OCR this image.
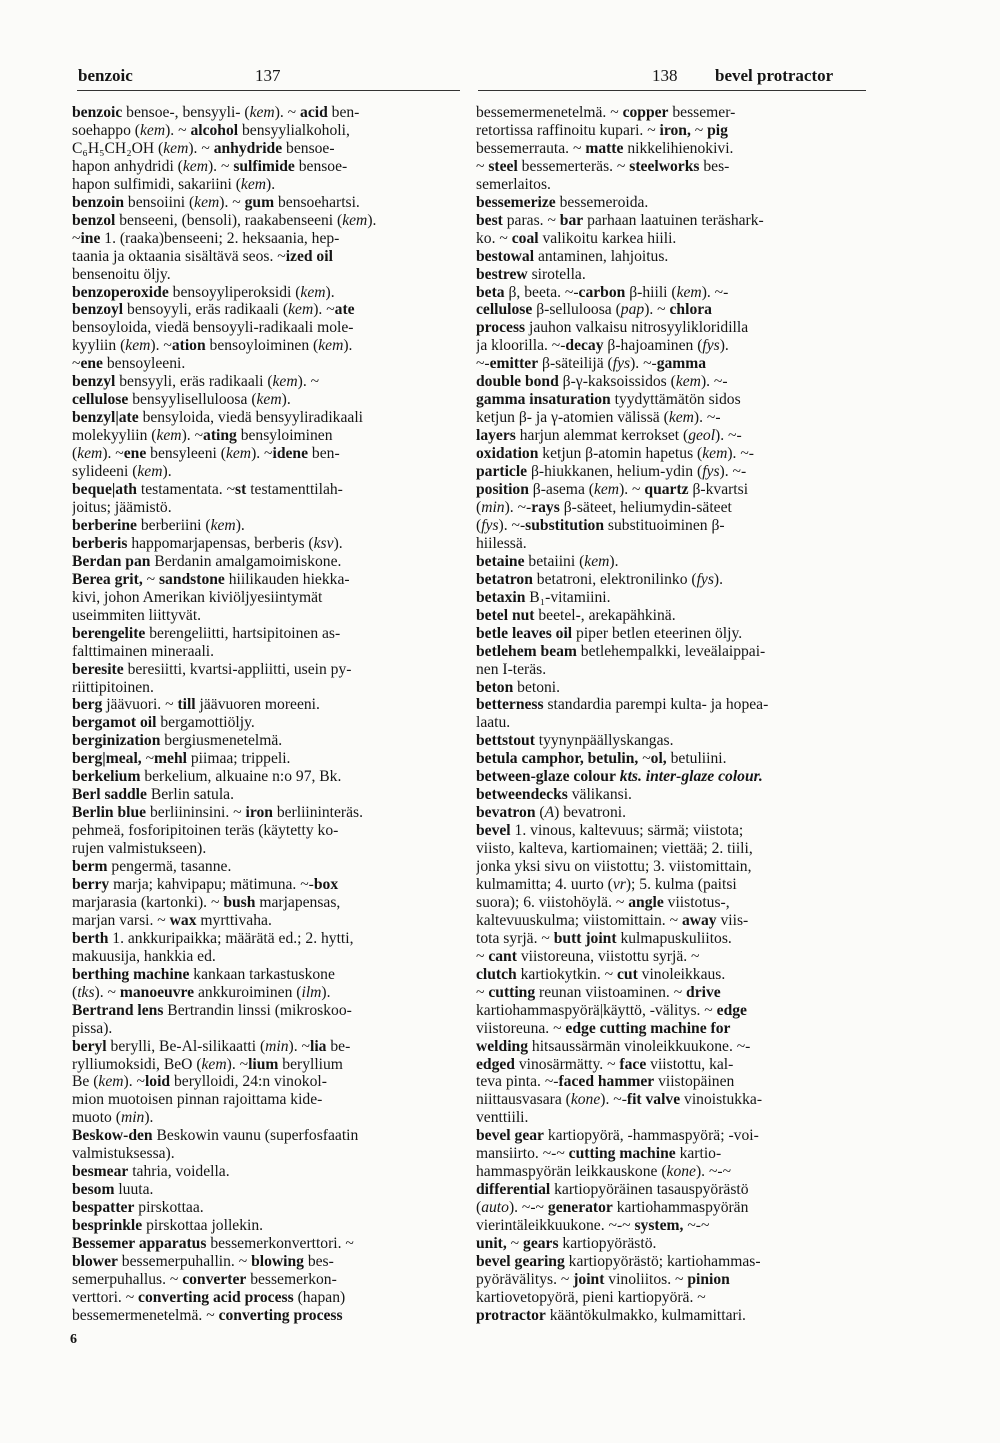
benzoic	137	138 bevel protractor
benzoic bensoe-, bensyyli- (kem). ~ acid ben-
soehappo (kem). ~ alcohol bensyylialkoholi,
C₆H₅CH₂OH (kem). ~ anhydride bensoe-
hapon anhydridi (kem). ~ sulfimide bensoe-
hapon sulfimidi, sakariini (kem).
benzoin bensoiini (kem). ~ gum bensoehartsi.
benzol benseeni, (bensoli), raakabenseeni (kem).
~ine 1. (raaka)benseeni; 2. heksaania, hep-
taania ja oktaania sisältävä seos. ~ized oil
bensenoitu öljy.
benzoperoxide bensoyyliperoksidi (kem).
benzoyl bensoyyli, eräs radikaali (kem). ~ate
bensoyloida, viedä bensoyyli-radikaali mole-
kyyliin (kem). ~ation bensoyloiminen (kem).
~ene bensoyleeni.
benzyl bensyyli, eräs radikaali (kem). ~
cellulose bensyyliselluloosa (kem).
benzyl|ate bensyloida, viedä bensyyliradikaali
molekyyliin (kem). ~ating bensyloiminen
(kem). ~ene bensyleeni (kem). ~idene ben-
sylideeni (kem).
beque|ath testamentata. ~st testamenttilah-
joitus; jäämistö.
berberine berberiini (kem).
berberis happomarjapensas, berberis (ksv).
Berdan pan Berdanin amalgamoimiskone.
Berea grit, ~ sandstone hiilikauden hiekka-
kivi, johon Amerikan kiviöljyesiintymät
useimmiten liittyvät.
berengelite berengeliitti, hartsipitoinen as-
falttimainen mineraali.
beresite beresiitti, kvartsi-appliitti, usein py-
riittipitoinen.
berg jäävuori. ~ till jäävuoren moreeni.
bergamot oil bergamottiöljy.
berginization bergiusmenetelmä.
berg|meal, ~mehl piimaa; trippeli.
berkelium berkelium, alkuaine n:o 97, Bk.
Berl saddle Berlin satula.
Berlin blue berliininsini. ~ iron berliininteräs.
pehmeä, fosforipitoinen teräs (käytetty ko-
rujen valmistukseen).
berm pengermä, tasanne.
berry marja; kahvipapu; mätimuna. ~-box
marjarasia (kartonki). ~ bush marjapensas,
marjan varsi. ~ wax myrttivaha.
berth 1. ankkuripaikka; määrätä ed.; 2. hytti,
makuusija, hankkia ed.
berthing machine kankaan tarkastuskone
(tks). ~ manoeuvre ankkuroiminen (ilm).
Bertrand lens Bertrandin linssi (mikroskoo-
pissa).
beryl berylli, Be-Al-silikaatti (min). ~lia be-
rylliumoksidi, BeO (kem). ~lium beryllium
Be (kem). ~loid berylloidi, 24:n vinokol-
mion muotoisen pinnan rajoittama kide-
muoto (min).
Beskow-den Beskowin vaunu (superfosfaatin
valmistuksessa).
besmear tahria, voidella.
besom luuta.
bespatter pirskottaa.
besprinkle pirskottaa jollekin.
Bessemer apparatus bessemerkonverttori. ~
blower bessemerpuhallin. ~ blowing bes-
semerpuhallus. ~ converter bessemerkon-
verttori. ~ converting acid process (hapan)
bessemermenetelmä. ~ converting process
bessemermenetelmä. ~ copper bessemer-
retortissa raffinoitu kupari. ~ iron, ~ pig
bessemerrauta. ~ matte nikkelihienokivi.
~ steel bessemerteräs. ~ steelworks bes-
semerlaitos.
bessemerize bessemeroida.
best paras. ~ bar parhaan laatuinen teräshark-
ko. ~ coal valikoitu karkea hiili.
bestowal antaminen, lahjoitus.
bestrew sirotella.
beta β, beeta. ~-carbon β-hiili (kem). ~-
cellulose β-selluloosa (pap). ~ chlora
process jauhon valkaisu nitrosyylikloridilla
ja kloorilla. ~-decay β-hajoaminen (fys).
~-emitter β-säteilijä (fys). ~-gamma
double bond β-γ-kaksoissidos (kem). ~-
gamma insaturation tyydyttämätön sidos
ketjun β- ja γ-atomien välissä (kem). ~-
layers harjun alemmat kerrokset (geol). ~-
oxidation ketjun β-atomin hapetus (kem). ~-
particle β-hiukkanen, helium-ydin (fys). ~-
position β-asema (kem). ~ quartz β-kvartsi
(min). ~-rays β-säteet, heliumydin-säteet
(fys). ~-substitution substituoiminen β-
hiilessä.
betaine betaiini (kem).
betatron betatroni, elektronilinko (fys).
betaxin B₁-vitamiini.
betel nut beetel-, arekapähkinä.
betle leaves oil piper betlen eteerinen öljy.
betlehem beam betlehempalkki, leveälaippai-
nen I-teräs.
beton betoni.
betterness standardia parempi kulta- ja hopea-
laatu.
bettstout tyynynpäällyskangas.
betula camphor, betulin, ~ol, betuliini.
between-glaze colour kts. inter-glaze colour.
betweendecks välikansi.
bevatron (A) bevatroni.
bevel 1. vinous, kaltevuus; särmä; viistota;
viisto, kalteva, kartiomainen; viettää; 2. tiili,
jonka yksi sivu on viistottu; 3. viistomittain,
kulmamitta; 4. uurto (vr); 5. kulma (paitsi
suora); 6. viistohöylä. ~ angle viistotus-,
kaltevuuskulma; viistomittain. ~ away viis-
tota syrjä. ~ butt joint kulmapuskuliitos.
~ cant viistoreuna, viistottu syrjä. ~
clutch kartiokytkin. ~ cut vinoleikkaus.
~ cutting reunan viistoaminen. ~ drive
kartiohammaspyörä|käyttö, -välitys. ~ edge
viistoreuna. ~ edge cutting machine for
welding hitsaussärmän vinoleikkuukone. ~-
edged vinosärmätty. ~ face viistottu, kal-
teva pinta. ~-faced hammer viistopäinen
niittausvasara (kone). ~-fit valve vinoistukka-
venttiili.
bevel gear kartiopyörä, -hammaspyörä; -voi-
mansiirto. ~-~ cutting machine kartio-
hammaspyörän leikkauskone (kone). ~-~
differential kartiopyöräinen tasauspyörästö
(auto). ~-~ generator kartiohammaspyörän
vierintäleikkuukone. ~-~ system, ~-~
unit, ~ gears kartiopyörästö.
bevel gearing kartiopyörästö; kartiohammas-
pyörävälitys. ~ joint vinoliitos. ~ pinion
kartiovetopyörä, pieni kartiopyörä. ~
protractor kääntökulmakko, kulmamittari.
6
